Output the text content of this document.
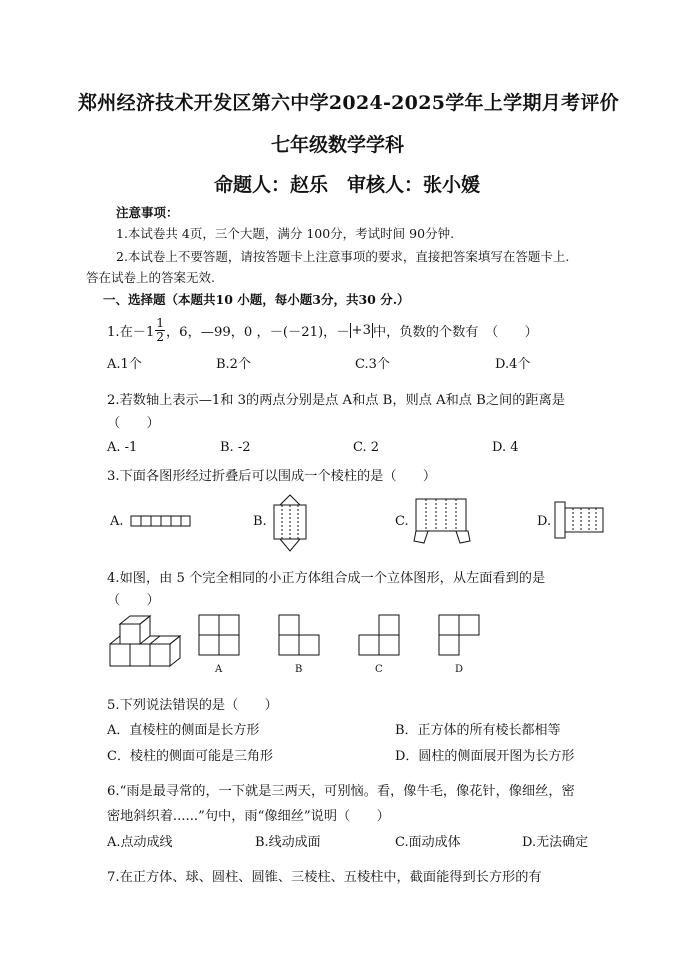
郑州经济技术开发区第六中学2024-2025学年上学期月考评价
七年级数学学科
命题人：赵乐　审核人：张小媛
注意事项：
1.本试卷共 4页，三个大题，满分 100分，考试时间 90分钟.
2.本试卷上不要答题，请按答题卡上注意事项的要求，直接把答案填写在答题卡上.
答在试卷上的答案无效.
一、选择题（本题共10 小题，每小题3分，共30 分.）
1.在$-1 \frac{1}{2}$ ，6，—99，0 ，－(－21)，－ +3 中，负数的个数有　（　　）
A.1个	B.2个	C.3个	D.4个
2.若数轴上表示—1和 3的两点分别是点 A和点 B，则点 A和点 B之间的距离是
（　　）
A. -1	B. -2	C. 2	D. 4
3.下面各图形经过折叠后可以围成一个棱柱的是（　　）
A.	B.	C.	D.
4.如图，由 5 个完全相同的小正方体组合成一个立体图形，从左面看到的是
（　　）
A	B	C	D
5.下列说法错误的是（　　）
A．直棱柱的侧面是长方形	B．正方体的所有棱长都相等
C．棱柱的侧面可能是三角形	D．圆柱的侧面展开图为长方形
6.“雨是最寻常的，一下就是三两天，可别恼。看，像牛毛，像花针，像细丝，密
密地斜织着......”句中，雨“像细丝”说明（　　）
A.点动成线	B.线动成面	C.面动成体	D.无法确定
7.在正方体、球、圆柱、圆锥、三棱柱、五棱柱中，截面能得到长方形的有
